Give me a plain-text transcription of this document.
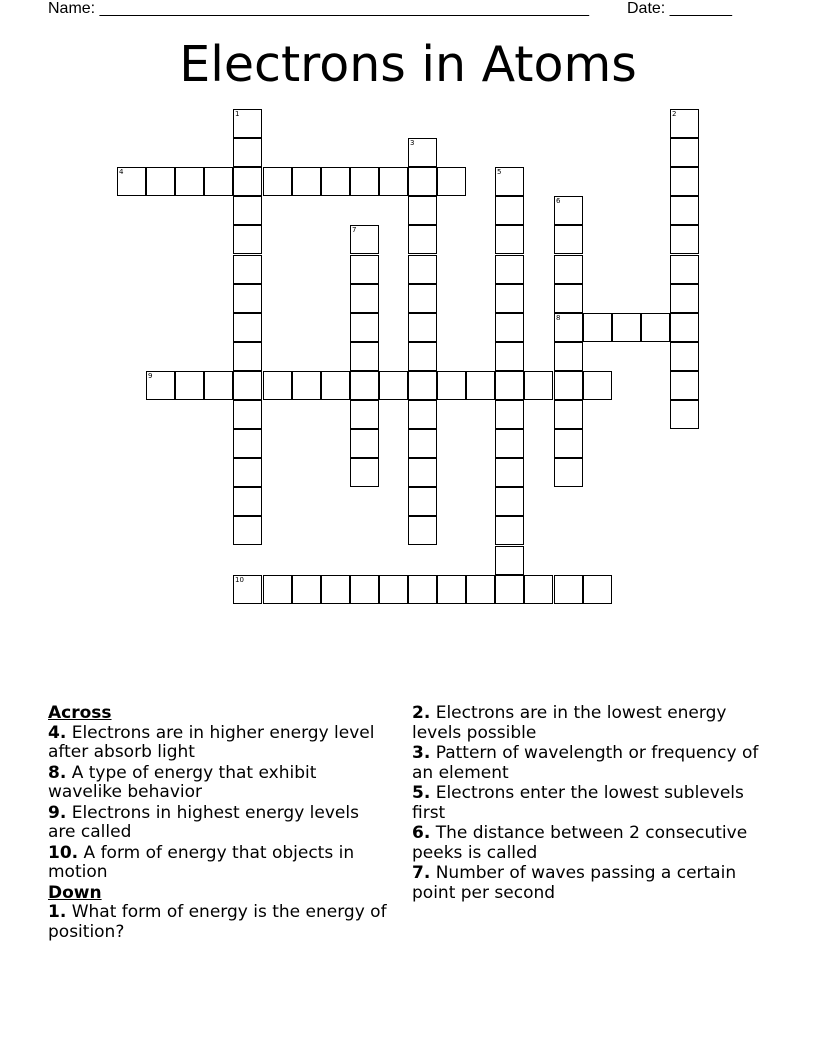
Name: _______________________________________________________ Date: _______
Electrons in Atoms
1	2
3
4	5
6
8
7
9
10

Across

4. Electrons are in higher energy level after absorb light

8. A type of energy that exhibit wavelike behavior

9. Electrons in highest energy levels are called

10. A form of energy that objects in motion

Down

1. What form of energy is the energy of position?

2. Electrons are in the lowest energy levels possible

3. Pattern of wavelength or frequency of an element

5. Electrons enter the lowest sublevels first

6. The distance between 2 consecutive peeks is called

7. Number of waves passing a certain point per second
